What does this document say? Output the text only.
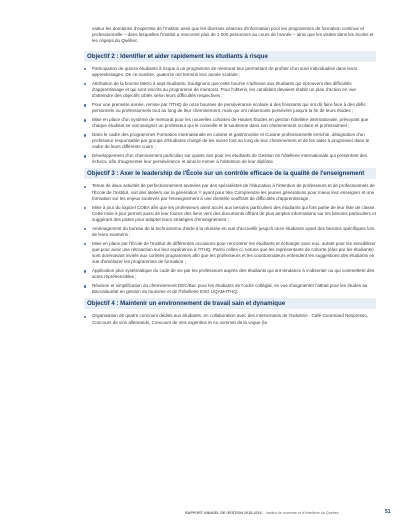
valeur les domaines d'expertise de l'Institut, ainsi que les diverses séances d'information pour les programmes de formation continue et professionnelle – dans lesquelles l'Institut a rencontré plus de 1 000 personnes au cours de l'année – ainsi que les visites dans les écoles et les cégeps du Québec.

Objectif 2 : Identifier et aider rapidement les étudiants à risque
Participation de quinze étudiants à risque à un programme de mentorat leur permettant de profiter d'un suivi individualisé dans leurs apprentissages. De ce nombre, quatorze ont terminé leur année scolaire ;
Attribution de la bourse Metro à sept étudiants. Soulignons que cette bourse s'adresse aux étudiants qui éprouvent des difficultés d'apprentissage et qui sont inscrits au programme de mentorat. Pour l'obtenir, les candidats devaient établir un plan d'action en vue d'atteindre des objectifs ciblés selon leurs difficultés respectives ;
Pour une première année, remise par l'ITHQ de onze bourses de persévérance scolaire à des finissants qui ont dû faire face à des défis personnels ou professionnels tout au long de leur cheminement, mais qui ont néanmoins persévéré jusqu'à la fin de leurs études ;
Mise en place d'un système de mentorat pour les nouvelles cohortes de Hautes Études en gestion hôtelière internationale, prévoyant que chaque étudiant se voit assigner un professeur qui le conseille et le soutienne dans son cheminement scolaire et professionnel ;
Dans le cadre des programmes Formation internationale en cuisine et gastronomie et Cuisine professionnelle enrichie, désignation d'un professeur responsable par groupe d'étudiants chargé de les suivre tout au long de leur cheminement et de les aider à progresser dans le cadre de leurs différents cours ;
Développement d'un cheminement particulier sur quatre ans pour les étudiants de Gestion en hôtellerie internationale qui présentent des échecs, afin d'augmenter leur persévérance et ainsi le mener à l'obtention de leur diplôme.
Objectif 3 : Axer le leadership de l'École sur un contrôle efficace de la qualité de l'enseignement
Tenue de deux activités de perfectionnement animées par des spécialistes de l'éducation à l'intention de professeurs et de professionnels de l'École de l'Institut, soit des ateliers sur la génération Y ayant pour titre Comprendre les jeunes générations pour mieux leur enseigner et une formation sur les enjeux soulevés par l'enseignement à une clientèle souffrant de difficultés d'apprentissage ;
Mise à jour du logiciel COBA afin que les professeurs aient accès aux besoins particuliers des étudiants qui font partie de leur liste de classe. Cette mise à jour permet aussi de leur fournir des liens vers des documents offrant de plus amples informations sur les besoins particuliers et suggérant des pistes pour adapter leurs stratégies d'enseignement ;
Aménagement du bureau de la technicienne d'aide à la réussite en vue d'accueillir jusqu'à onze étudiants ayant des besoins spécifiques lors de leurs examens ;
Mise en place par l'École de l'Institut de différentes occasions pour rencontrer les étudiants et échanger avec eux, autant pour les sensibiliser que pour avoir une rétroaction sur leur expérience à l'ITHQ. Parmi celles-ci, notons que les représentants de cohorte (élus par les étudiants) sont dorénavant invités aux comités programmes afin que les professeurs et les coordonnateurs entendent les suggestions des étudiants en vue d'améliorer les programmes de formation ;
Application plus systématique du code de vie par les professeurs auprès des étudiants qui ont tendance à s'absenter ou qui commettent des actes répréhensibles ;
Révision et simplification du cheminement DEC/Bac pour les étudiants de l'ordre collégial, en vue d'augmenter l'attrait pour les études au Baccalauréat en gestion du tourisme et de l'hôtellerie ESG UQAM-ITHQ.
Objectif 4 : Maintenir un environnement de travail sain et dynamique
Organisation de quatre concours dédiés aux étudiants, en collaboration avec des intervenants de l'industrie : Café Gourmand Nespresso, Concours de vins allemands, Concours de vins argentins et Au sommet de la vogue (la
RAPPORT ANNUEL DE GESTION 2015-2016 – Institut de tourisme et d'hôtellerie du Québec	51
